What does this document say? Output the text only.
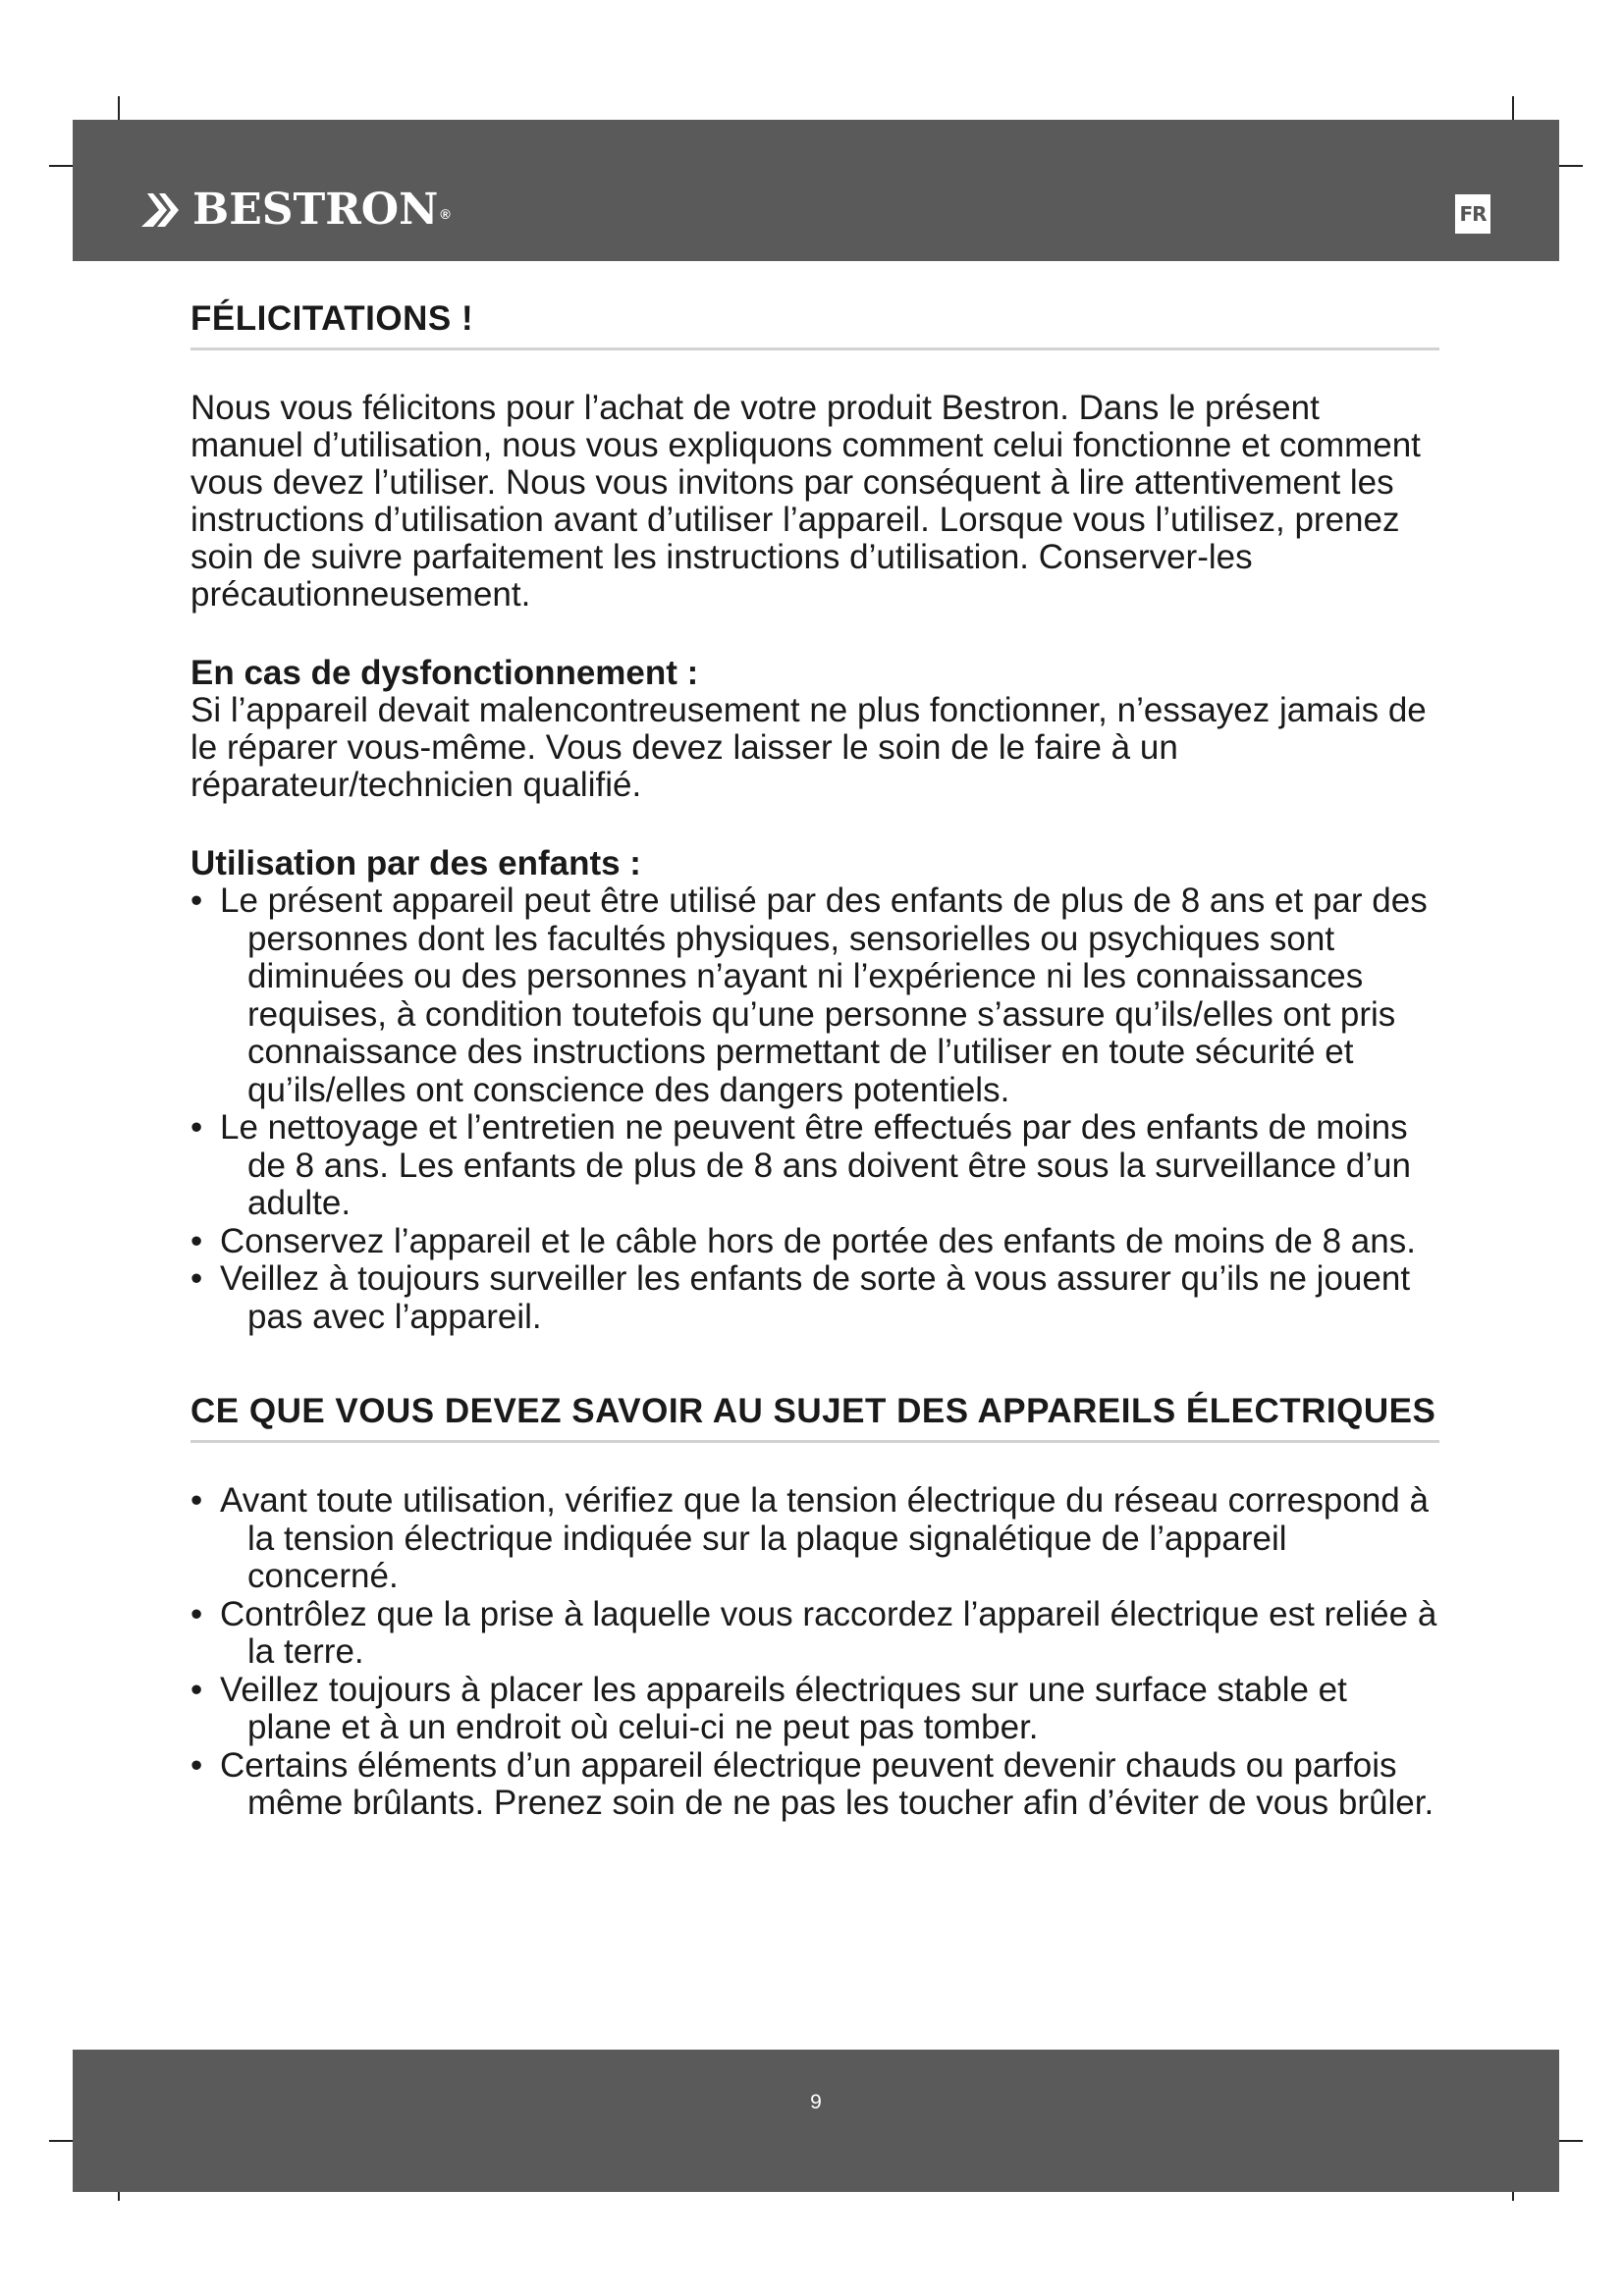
BESTRON ®	FR
FÉLICITATIONS !

Nous vous félicitons pour l’achat de votre produit Bestron. Dans le présent manuel d’utilisation, nous vous expliquons comment celui fonctionne et comment vous devez l’utiliser. Nous vous invitons par conséquent à lire attentivement les instructions d’utilisation avant d’utiliser l’appareil. Lorsque vous l’utilisez, prenez soin de suivre parfaitement les instructions d’utilisation. Conserver-les précautionneusement.

En cas de dysfonctionnement :

Si l’appareil devait malencontreusement ne plus fonctionner, n’essayez jamais de le réparer vous-même. Vous devez laisser le soin de le faire à un réparateur/technicien qualifié.

Utilisation par des enfants :
• Le présent appareil peut être utilisé par des enfants de plus de 8 ans et par des personnes dont les facultés physiques, sensorielles ou psychiques sont diminuées ou des personnes n’ayant ni l’expérience ni les connaissances requises, à condition toutefois qu’une personne s’assure qu’ils/elles ont pris connaissance des instructions permettant de l’utiliser en toute sécurité et qu’ils/elles ont conscience des dangers potentiels.
• Le nettoyage et l’entretien ne peuvent être effectués par des enfants de moins de 8 ans. Les enfants de plus de 8 ans doivent être sous la surveillance d’un adulte.
• Conservez l’appareil et le câble hors de portée des enfants de moins de 8 ans.
• Veillez à toujours surveiller les enfants de sorte à vous assurer qu’ils ne jouent pas avec l’appareil.
CE QUE VOUS DEVEZ SAVOIR AU SUJET DES APPAREILS ÉLECTRIQUES
• Avant toute utilisation, vérifiez que la tension électrique du réseau correspond à la tension électrique indiquée sur la plaque signalétique de l’appareil concerné.
• Contrôlez que la prise à laquelle vous raccordez l’appareil électrique est reliée à la terre.
• Veillez toujours à placer les appareils électriques sur une surface stable et plane et à un endroit où celui-ci ne peut pas tomber.
• Certains éléments d’un appareil électrique peuvent devenir chauds ou parfois même brûlants. Prenez soin de ne pas les toucher afin d’éviter de vous brûler.
9
